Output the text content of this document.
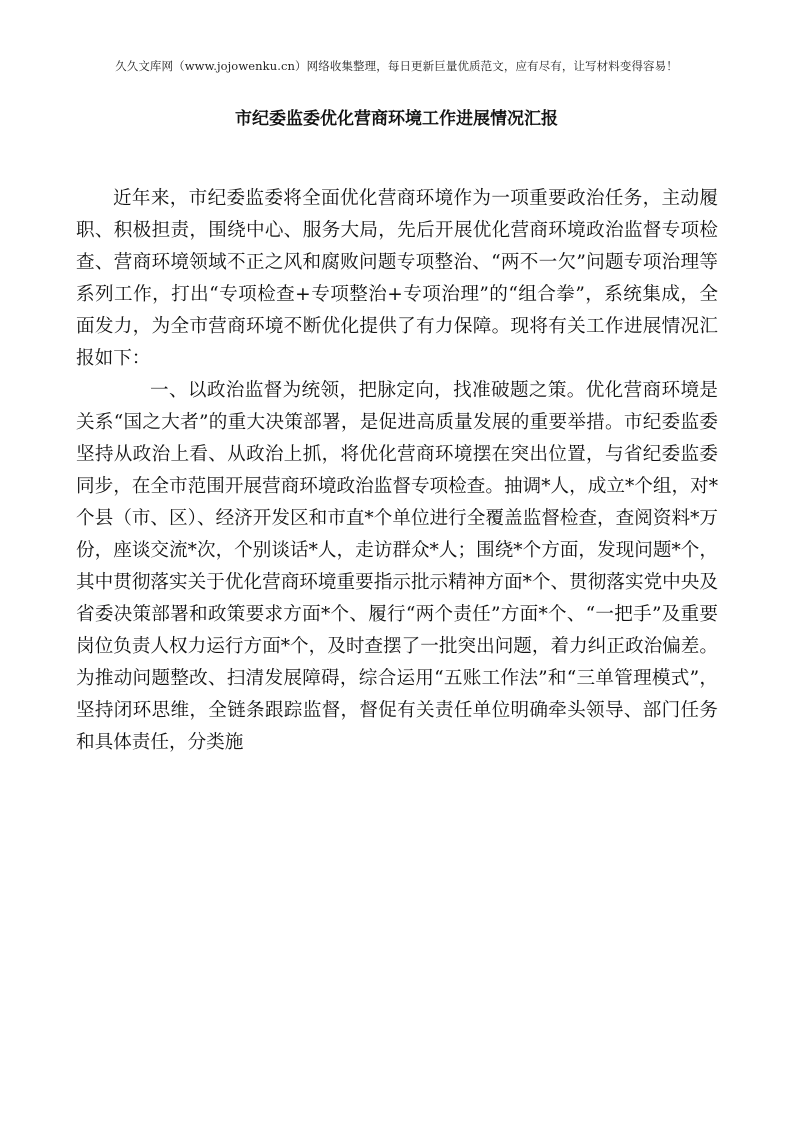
久久文库网（www.jojowenku.cn）网络收集整理，每日更新巨量优质范文，应有尽有，让写材料变得容易！
市纪委监委优化营商环境工作进展情况汇报

近年来，市纪委监委将全面优化营商环境作为一项重要政治任务，主动履职、积极担责，围绕中心、服务大局，先后开展优化营商环境政治监督专项检查、营商环境领域不正之风和腐败问题专项整治、“两不一欠”问题专项治理等系列工作，打出“专项检查+专项整治+专项治理”的“组合拳”，系统集成，全面发力，为全市营商环境不断优化提供了有力保障。现将有关工作进展情况汇报如下：

一、以政治监督为统领，把脉定向，找准破题之策。优化营商环境是关系“国之大者”的重大决策部署，是促进高质量发展的重要举措。市纪委监委坚持从政治上看、从政治上抓，将优化营商环境摆在突出位置，与省纪委监委同步，在全市范围开展营商环境政治监督专项检查。抽调*人，成立*个组，对*个县（市、区）、经济开发区和市直*个单位进行全覆盖监督检查，查阅资料*万份，座谈交流*次，个别谈话*人，走访群众*人；围绕*个方面，发现问题*个，其中贯彻落实关于优化营商环境重要指示批示精神方面*个、贯彻落实党中央及省委决策部署和政策要求方面*个、履行“两个责任”方面*个、“一把手”及重要岗位负责人权力运行方面*个，及时查摆了一批突出问题，着力纠正政治偏差。为推动问题整改、扫清发展障碍，综合运用“五账工作法”和“三单管理模式”，坚持闭环思维，全链条跟踪监督，督促有关责任单位明确牵头领导、部门任务和具体责任，分类施
